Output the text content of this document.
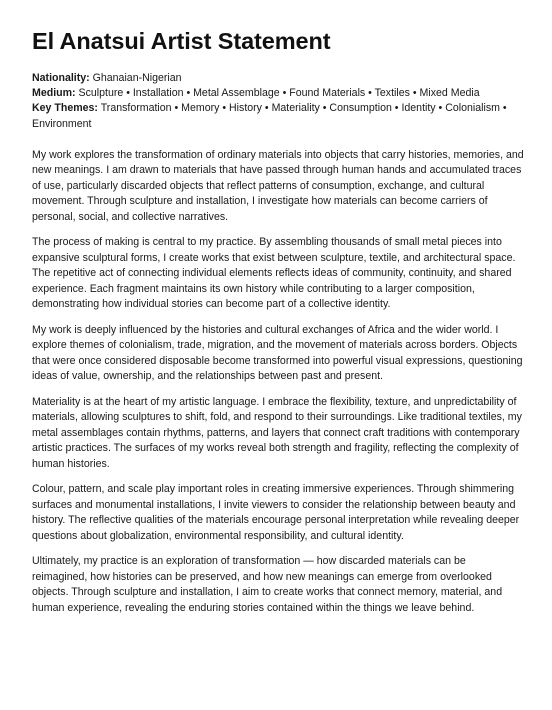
El Anatsui Artist Statement
Nationality: Ghanaian-Nigerian
Medium: Sculpture • Installation • Metal Assemblage • Found Materials • Textiles • Mixed Media
Key Themes: Transformation • Memory • History • Materiality • Consumption • Identity • Colonialism • Environment

My work explores the transformation of ordinary materials into objects that carry histories, memories, and new meanings. I am drawn to materials that have passed through human hands and accumulated traces of use, particularly discarded objects that reflect patterns of consumption, exchange, and cultural movement. Through sculpture and installation, I investigate how materials can become carriers of personal, social, and collective narratives.

The process of making is central to my practice. By assembling thousands of small metal pieces into expansive sculptural forms, I create works that exist between sculpture, textile, and architectural space. The repetitive act of connecting individual elements reflects ideas of community, continuity, and shared experience. Each fragment maintains its own history while contributing to a larger composition, demonstrating how individual stories can become part of a collective identity.

My work is deeply influenced by the histories and cultural exchanges of Africa and the wider world. I explore themes of colonialism, trade, migration, and the movement of materials across borders. Objects that were once considered disposable become transformed into powerful visual expressions, questioning ideas of value, ownership, and the relationships between past and present.

Materiality is at the heart of my artistic language. I embrace the flexibility, texture, and unpredictability of materials, allowing sculptures to shift, fold, and respond to their surroundings. Like traditional textiles, my metal assemblages contain rhythms, patterns, and layers that connect craft traditions with contemporary artistic practices. The surfaces of my works reveal both strength and fragility, reflecting the complexity of human histories.

Colour, pattern, and scale play important roles in creating immersive experiences. Through shimmering surfaces and monumental installations, I invite viewers to consider the relationship between beauty and history. The reflective qualities of the materials encourage personal interpretation while revealing deeper questions about globalization, environmental responsibility, and cultural identity.

Ultimately, my practice is an exploration of transformation — how discarded materials can be reimagined, how histories can be preserved, and how new meanings can emerge from overlooked objects. Through sculpture and installation, I aim to create works that connect memory, material, and human experience, revealing the enduring stories contained within the things we leave behind.
